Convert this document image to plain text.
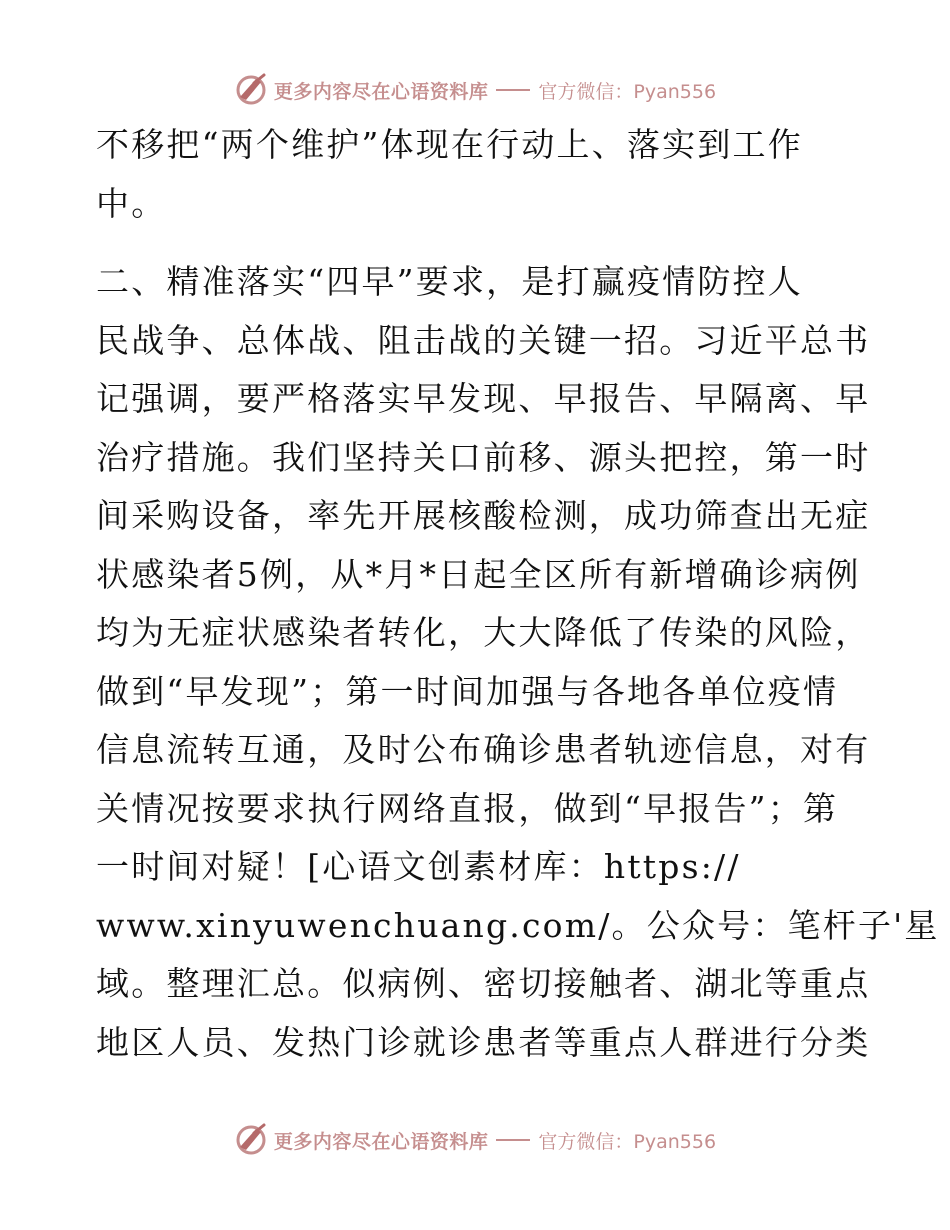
更多内容尽在心语资料库	官方微信：Pyan556
不移把“两个维护”体现在行动上、落实到工作
中。
二、精准落实“四早”要求，是打赢疫情防控人
民战争、总体战、阻击战的关键一招。习近平总书
记强调，要严格落实早发现、早报告、早隔离、早
治疗措施。我们坚持关口前移、源头把控，第一时
间采购设备，率先开展核酸检测，成功筛查出无症
状感染者5例，从*月*日起全区所有新增确诊病例
均为无症状感染者转化，大大降低了传染的风险，
做到“早发现”；第一时间加强与各地各单位疫情
信息流转互通，及时公布确诊患者轨迹信息，对有
关情况按要求执行网络直报，做到“早报告”；第
一时间对疑！[心语文创素材库：https://
www.xinyuwenchuang.com/。公众号：笔杆子'星
域。整理汇总。似病例、密切接触者、湖北等重点
地区人员、发热门诊就诊患者等重点人群进行分类
更多内容尽在心语资料库	官方微信：Pyan556
